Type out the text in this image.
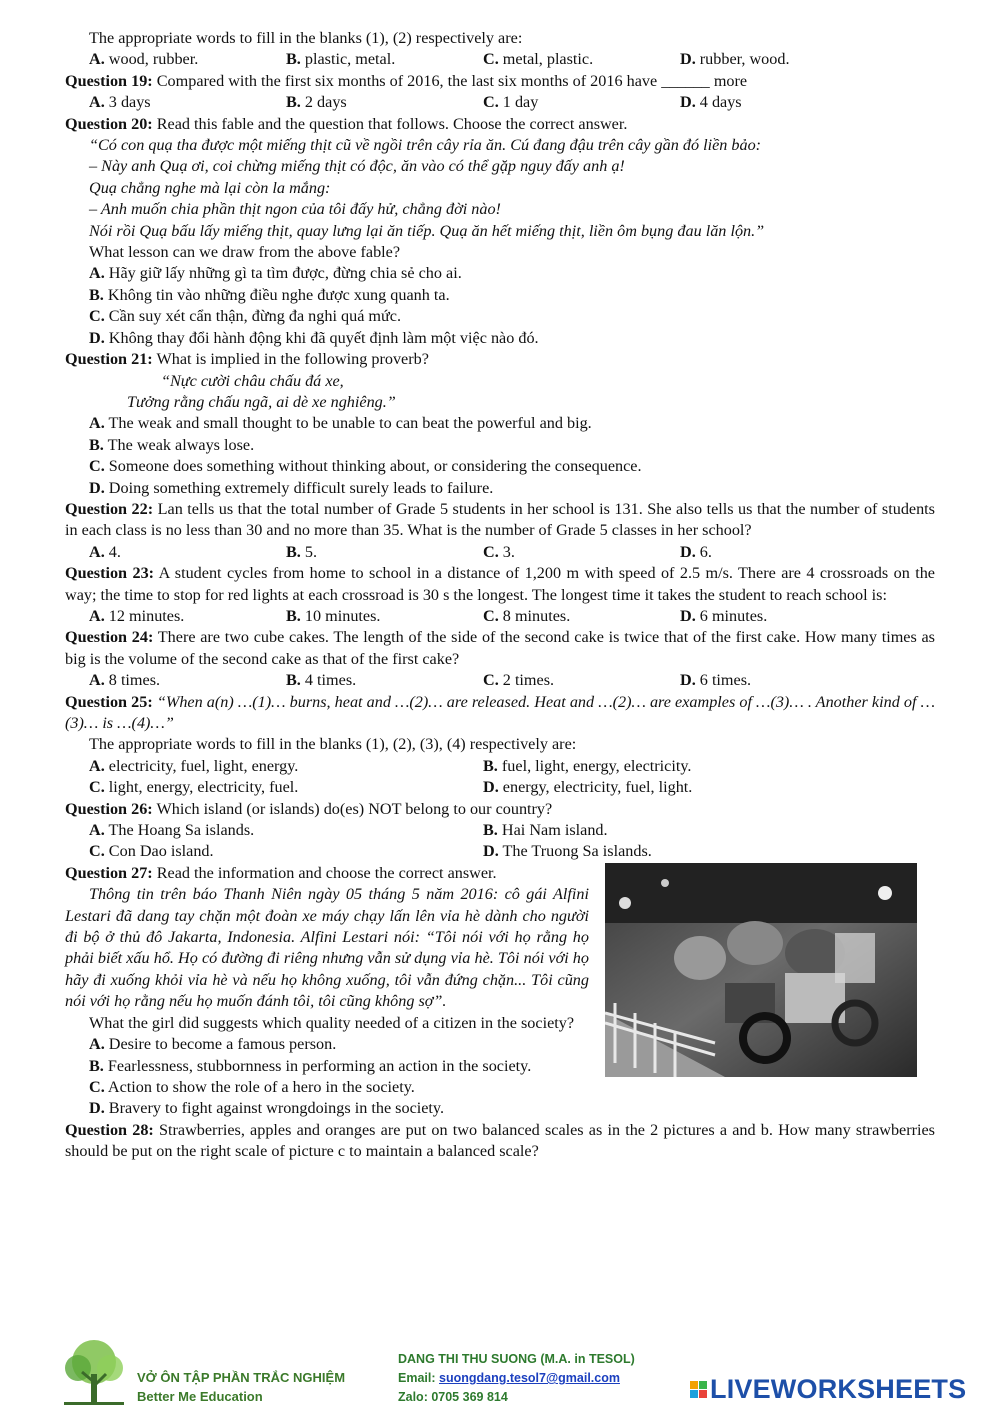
The appropriate words to fill in the blanks (1), (2) respectively are:
A. wood, rubber.	B. plastic, metal.	C. metal, plastic.	D. rubber, wood.
Question 19: Compared with the first six months of 2016, the last six months of 2016 have ______ more
A. 3 days	B. 2 days	C. 1 day	D. 4 days
Question 20: Read this fable and the question that follows. Choose the correct answer.
“Có con quạ tha được một miếng thịt cũ về ngồi trên cây rỉa ăn. Cú đang đậu trên cây gần đó liền bảo:
– Này anh Quạ ơi, coi chừng miếng thịt có độc, ăn vào có thể gặp nguy đấy anh ạ!
Quạ chẳng nghe mà lại còn la mắng:
– Anh muốn chia phần thịt ngon của tôi đấy hử, chẳng đời nào!
Nói rồi Quạ bấu lấy miếng thịt, quay lưng lại ăn tiếp. Quạ ăn hết miếng thịt, liền ôm bụng đau lăn lộn.”
What lesson can we draw from the above fable?
A. Hãy giữ lấy những gì ta tìm được, đừng chia sẻ cho ai.
B. Không tin vào những điều nghe được xung quanh ta.
C. Cần suy xét cẩn thận, đừng đa nghi quá mức.
D. Không thay đổi hành động khi đã quyết định làm một việc nào đó.
Question 21: What is implied in the following proverb?
“Nực cười châu chấu đá xe,
Tưởng rằng chấu ngã, ai dè xe nghiêng.”
A. The weak and small thought to be unable to can beat the powerful and big.
B. The weak always lose.
C. Someone does something without thinking about, or considering the consequence.
D. Doing something extremely difficult surely leads to failure.
Question 22: Lan tells us that the total number of Grade 5 students in her school is 131. She also tells us that the number of students in each class is no less than 30 and no more than 35. What is the number of Grade 5 classes in her school?
A. 4.	B. 5.	C. 3.	D. 6.
Question 23: A student cycles from home to school in a distance of 1,200 m with speed of 2.5 m/s. There are 4 crossroads on the way; the time to stop for red lights at each crossroad is 30 s the longest. The longest time it takes the student to reach school is:
A. 12 minutes.	B. 10 minutes.	C. 8 minutes.	D. 6 minutes.
Question 24: There are two cube cakes. The length of the side of the second cake is twice that of the first cake. How many times as big is the volume of the second cake as that of the first cake?
A. 8 times.	B. 4 times.	C. 2 times.	D. 6 times.
Question 25: “When a(n) …(1)… burns, heat and …(2)… are released. Heat and …(2)… are examples of …(3)… . Another kind of …(3)… is …(4)…”
The appropriate words to fill in the blanks (1), (2), (3), (4) respectively are:
A. electricity, fuel, light, energy.	B. fuel, light, energy, electricity.
C. light, energy, electricity, fuel.	D. energy, electricity, fuel, light.
Question 26: Which island (or islands) do(es) NOT belong to our country?
A. The Hoang Sa islands.	B. Hai Nam island.
C. Con Dao island.	D. The Truong Sa islands.
Question 27: Read the information and choose the correct answer.
Thông tin trên báo Thanh Niên ngày 05 tháng 5 năm 2016: cô gái Alfini Lestari đã dang tay chặn một đoàn xe máy chạy lấn lên vỉa hè dành cho người đi bộ ở thủ đô Jakarta, Indonesia. Alfini Lestari nói: “Tôi nói với họ rằng họ phải biết xấu hổ. Họ có đường đi riêng nhưng vẫn sử dụng vỉa hè. Tôi nói với họ hãy đi xuống khỏi vỉa hè và nếu họ không xuống, tôi vẫn đứng chặn... Tôi cũng nói với họ rằng nếu họ muốn đánh tôi, tôi cũng không sợ”.
What the girl did suggests which quality needed of a citizen in the society?
A. Desire to become a famous person.
B. Fearlessness, stubbornness in performing an action in the society.
C. Action to show the role of a hero in the society.
D. Bravery to fight against wrongdoings in the society.
Question 28: Strawberries, apples and oranges are put on two balanced scales as in the 2 pictures a and b. How many strawberries should be put on the right scale of picture c to maintain a balanced scale?
VỞ ÔN TẬP PHẦN TRẮC NGHIỆM
Better Me Education
DANG THI THU SUONG (M.A. in TESOL)
Email: suongdang.tesol7@gmail.com
Zalo: 0705 369 814	LIVEWORKSHEETS
